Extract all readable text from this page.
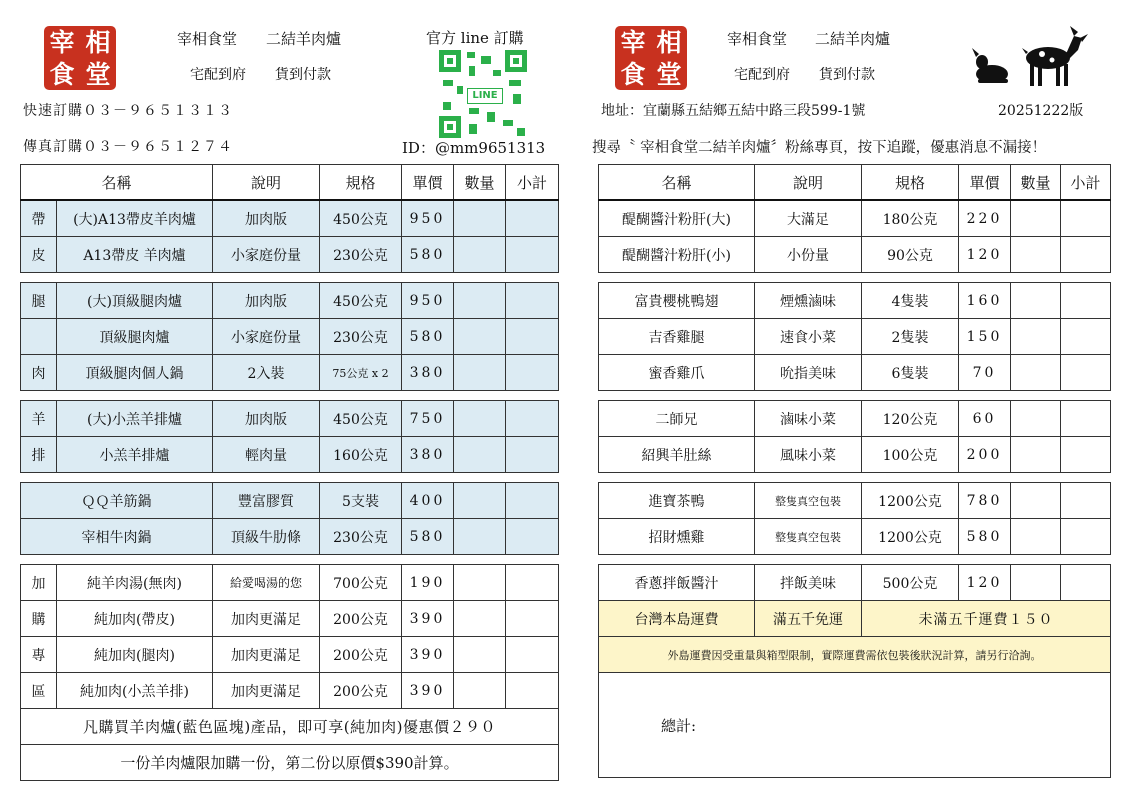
宰 相
食 堂
宰相食堂 二結羊肉爐
宅配到府 貨到付款
快速訂購０３－９６５１３１３
傳真訂購０３－９６５１２７４
官方 line 訂購
LINE
ID：@mm9651313
宰 相
食 堂
宰相食堂 二結羊肉爐
宅配到府 貨到付款
地址：宜蘭縣五結鄉五結中路三段599-1號	20251222版
搜尋〝 宰相食堂二結羊肉爐〞粉絲專頁，按下追蹤，優惠消息不漏接！
名稱		說明	規格	單價	數量	小計
帶	(大)A13帶皮羊肉爐	加肉版	450公克	950		
皮	A13帶皮 羊肉爐	小家庭份量	230公克	580		

腿	(大)頂級腿肉爐	加肉版	450公克	950		
	頂級腿肉爐	小家庭份量	230公克	580		
肉	頂級腿肉個人鍋	2入裝	75公克 x 2	380		

羊	(大)小羔羊排爐	加肉版	450公克	750		
排	小羔羊排爐	輕肉量	160公克	380		

ＱＱ羊筋鍋		豐富膠質	5支裝	400		
宰相牛肉鍋		頂級牛肋條	230公克	580		

加	純羊肉湯(無肉)	給愛喝湯的您	700公克	190		
購	純加肉(帶皮)	加肉更滿足	200公克	390		
專	純加肉(腿肉)	加肉更滿足	200公克	390		
區	純加肉(小羔羊排)	加肉更滿足	200公克	390		
凡購買羊肉爐(藍色區塊)產品，即可享(純加肉)優惠價２９０						
一份羊肉爐限加購一份，第二份以原價$390計算。						
名稱	說明	規格	單價	數量	小計
醍醐醬汁粉肝(大)	大滿足	180公克	220		
醍醐醬汁粉肝(小)	小份量	90公克	120		

富貴櫻桃鴨翅	煙燻滷味	4隻裝	160		
吉香雞腿	速食小菜	2隻裝	150		
蜜香雞爪	吮指美味	6隻裝	70		

二師兄	滷味小菜	120公克	60		
紹興羊肚絲	風味小菜	100公克	200		

進寶茶鴨	整隻真空包裝	1200公克	780		
招財燻雞	整隻真空包裝	1200公克	580		

香蔥拌飯醬汁	拌飯美味	500公克	120		
台灣本島運費	滿五千免運	未滿五千運費１５０			
外島運費因受重量與箱型限制，實際運費需依包裝後狀況計算，請另行洽詢。					
總計:					
